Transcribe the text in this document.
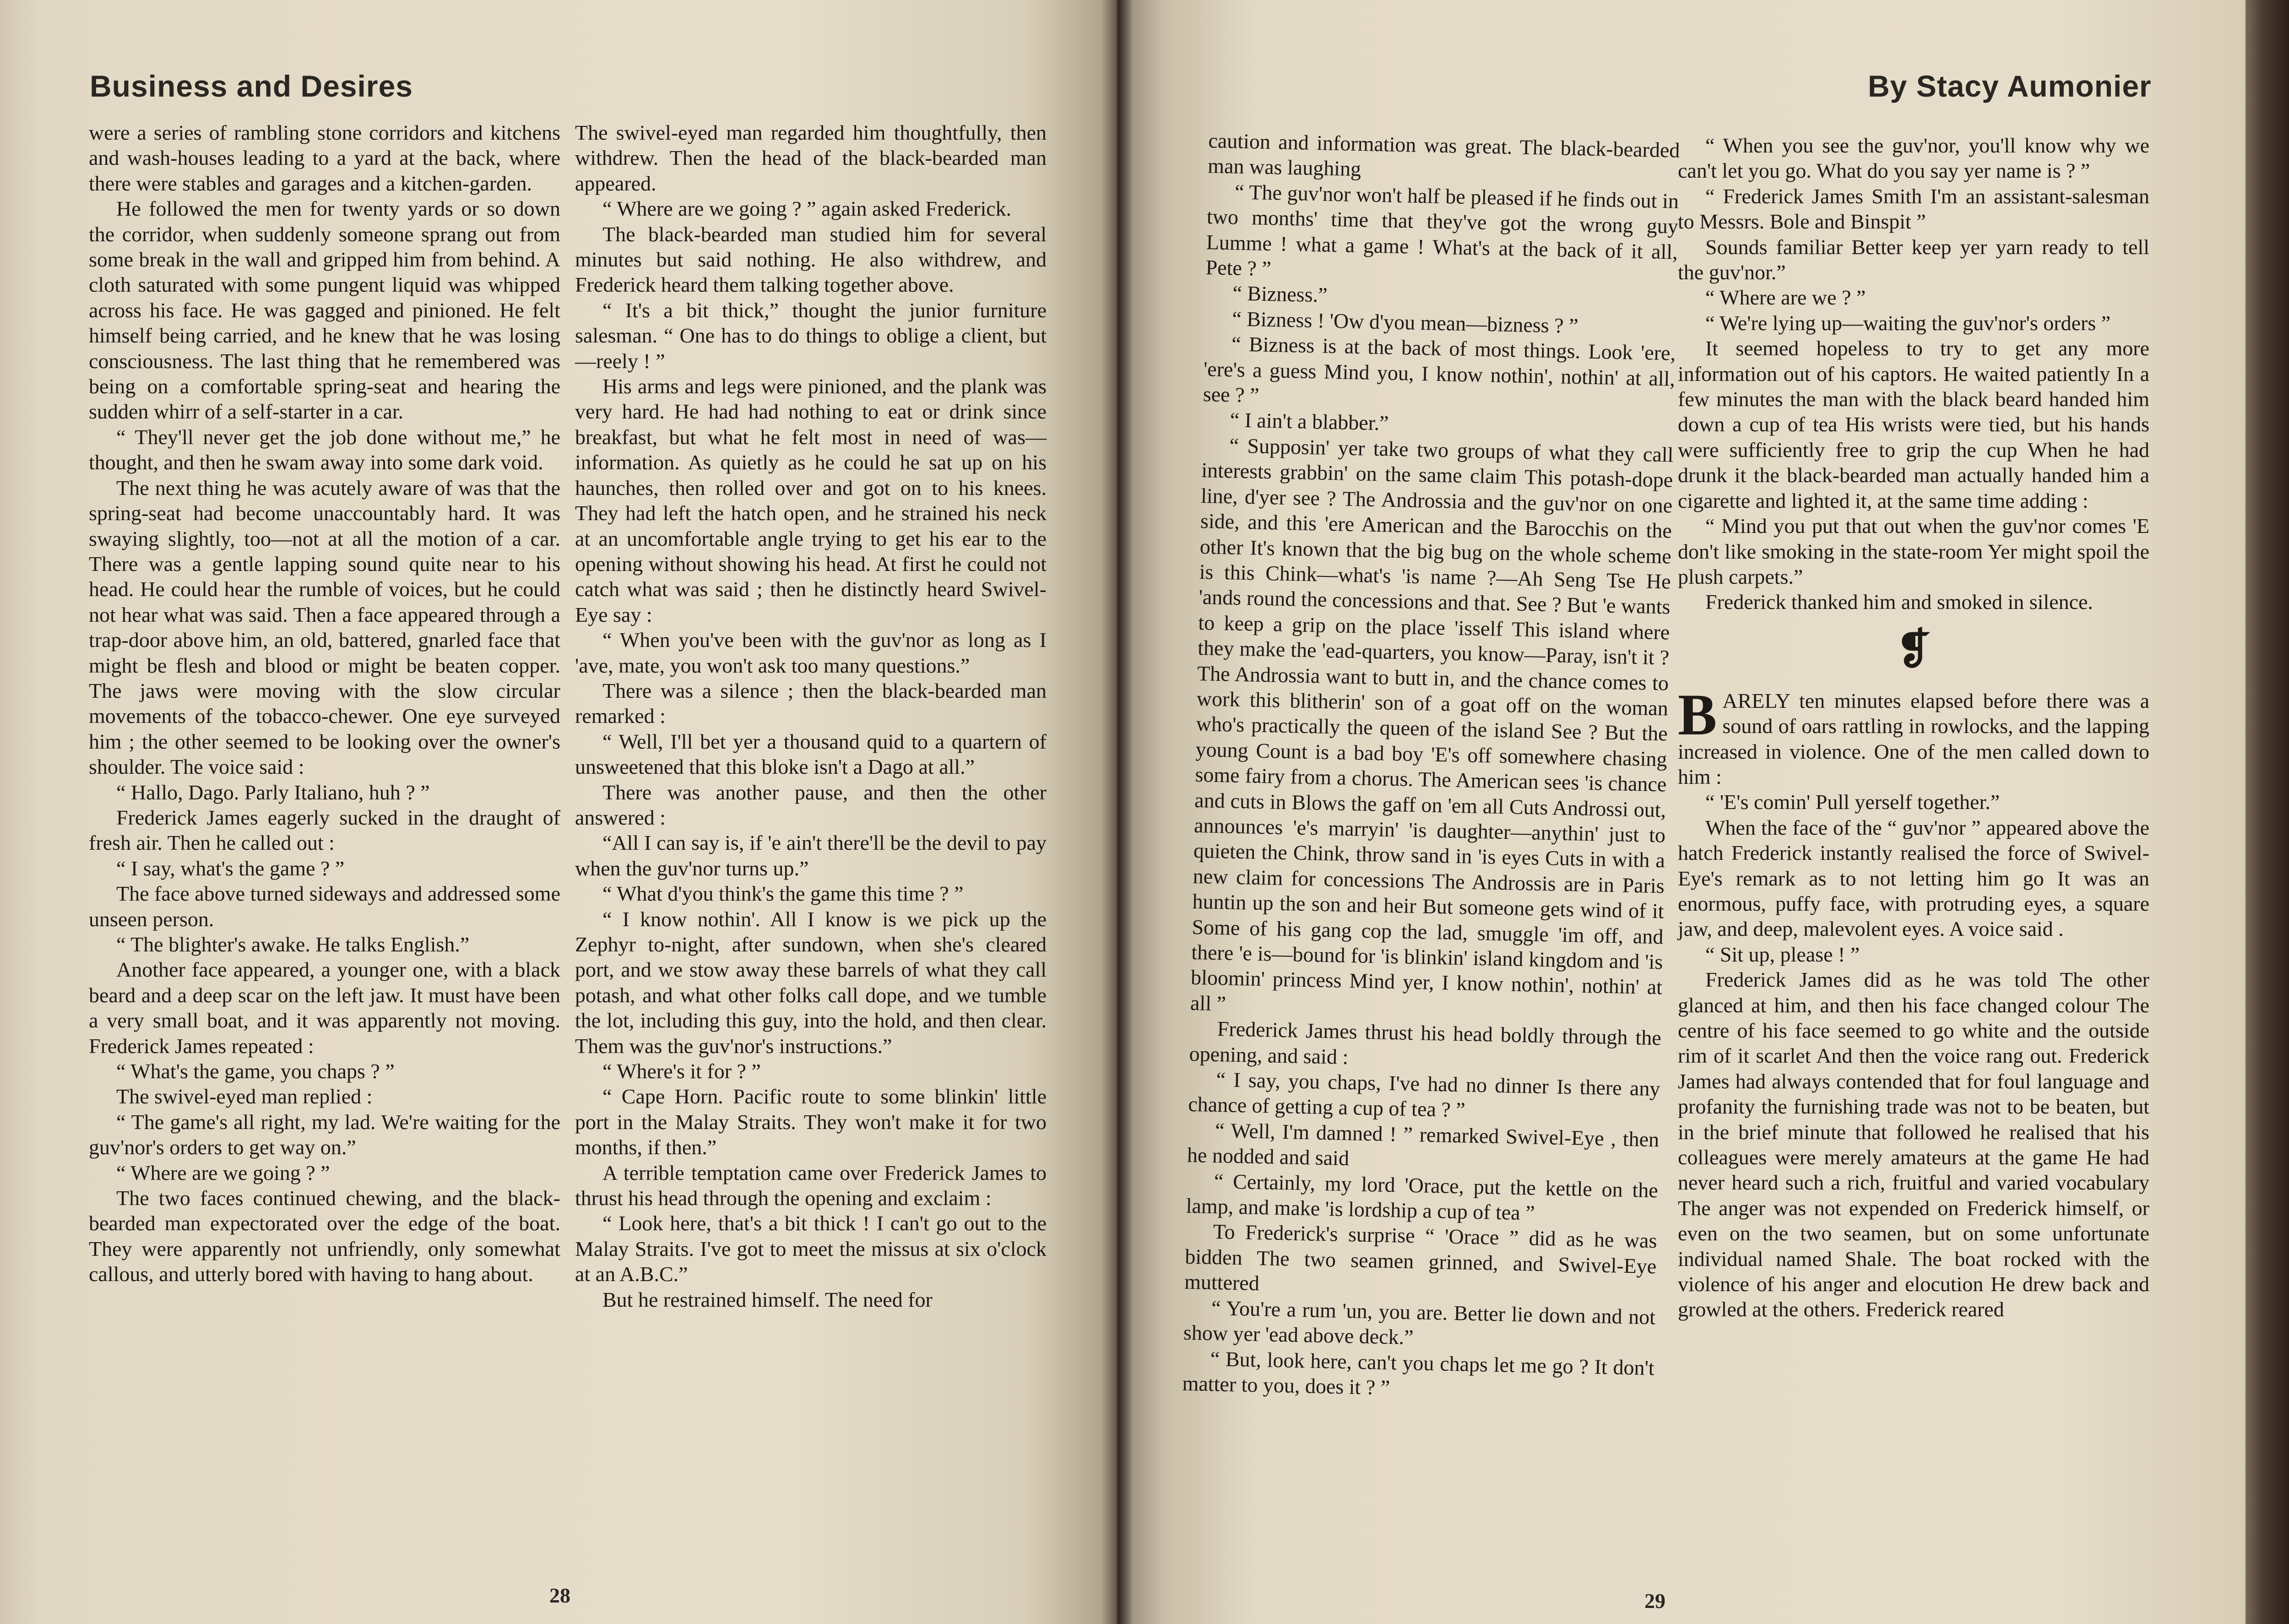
Business and Desires

were a series of rambling stone corridors and kitchens and wash-houses leading to a yard at the back, where there were stables and garages and a kitchen-garden.

He followed the men for twenty yards or so down the corridor, when suddenly someone sprang out from some break in the wall and gripped him from behind. A cloth saturated with some pungent liquid was whipped across his face. He was gagged and pinioned. He felt himself being carried, and he knew that he was losing consciousness. The last thing that he remembered was being on a comfortable spring-seat and hearing the sudden whirr of a self-starter in a car.

“ They'll never get the job done without me,” he thought, and then he swam away into some dark void.

The next thing he was acutely aware of was that the spring-seat had become unaccountably hard. It was swaying slightly, too—not at all the motion of a car. There was a gentle lapping sound quite near to his head. He could hear the rumble of voices, but he could not hear what was said. Then a face appeared through a trap-door above him, an old, battered, gnarled face that might be flesh and blood or might be beaten copper. The jaws were moving with the slow circular movements of the tobacco-chewer. One eye surveyed him ; the other seemed to be looking over the owner's shoulder. The voice said :

“ Hallo, Dago. Parly Italiano, huh ? ”

Frederick James eagerly sucked in the draught of fresh air. Then he called out :

“ I say, what's the game ? ”

The face above turned sideways and addressed some unseen person.

“ The blighter's awake. He talks English.”

Another face appeared, a younger one, with a black beard and a deep scar on the left jaw. It must have been a very small boat, and it was apparently not moving. Frederick James repeated :

“ What's the game, you chaps ? ”

The swivel-eyed man replied :

“ The game's all right, my lad. We're waiting for the guv'nor's orders to get way on.”

“ Where are we going ? ”

The two faces continued chewing, and the black-bearded man expectorated over the edge of the boat. They were apparently not unfriendly, only somewhat callous, and utterly bored with having to hang about.

The swivel-eyed man regarded him thoughtfully, then withdrew. Then the head of the black-bearded man appeared.

“ Where are we going ? ” again asked Frederick.

The black-bearded man studied him for several minutes but said nothing. He also withdrew, and Frederick heard them talking together above.

“ It's a bit thick,” thought the junior furniture salesman. “ One has to do things to oblige a client, but—reely ! ”

His arms and legs were pinioned, and the plank was very hard. He had had nothing to eat or drink since breakfast, but what he felt most in need of was—information. As quietly as he could he sat up on his haunches, then rolled over and got on to his knees. They had left the hatch open, and he strained his neck at an uncomfortable angle trying to get his ear to the opening without showing his head. At first he could not catch what was said ; then he distinctly heard Swivel-Eye say :

“ When you've been with the guv'nor as long as I 'ave, mate, you won't ask too many questions.”

There was a silence ; then the black-bearded man remarked :

“ Well, I'll bet yer a thousand quid to a quartern of unsweetened that this bloke isn't a Dago at all.”

There was another pause, and then the other answered :

“All I can say is, if 'e ain't there'll be the devil to pay when the guv'nor turns up.”

“ What d'you think's the game this time ? ”

“ I know nothin'. All I know is we pick up the Zephyr to-night, after sundown, when she's cleared port, and we stow away these barrels of what they call potash, and what other folks call dope, and we tumble the lot, including this guy, into the hold, and then clear. Them was the guv'nor's instructions.”

“ Where's it for ? ”

“ Cape Horn. Pacific route to some blinkin' little port in the Malay Straits. They won't make it for two months, if then.”

A terrible temptation came over Frederick James to thrust his head through the opening and exclaim :

“ Look here, that's a bit thick ! I can't go out to the Malay Straits. I've got to meet the missus at six o'clock at an A.B.C.”

But he restrained himself. The need for

28
By Stacy Aumonier

caution and information was great. The black-bearded man was laughing

“ The guv'nor won't half be pleased if he finds out in two months' time that they've got the wrong guy Lumme ! what a game ! What's at the back of it all, Pete ? ”

“ Bizness.”

“ Bizness ! 'Ow d'you mean—bizness ? ”

“ Bizness is at the back of most things. Look 'ere, 'ere's a guess Mind you, I know nothin', nothin' at all, see ? ”

“ I ain't a blabber.”

“ Supposin' yer take two groups of what they call interests grabbin' on the same claim This potash-dope line, d'yer see ? The Androssia and the guv'nor on one side, and this 'ere American and the Barocchis on the other It's known that the big bug on the whole scheme is this Chink—what's 'is name ?—Ah Seng Tse He 'ands round the concessions and that. See ? But 'e wants to keep a grip on the place 'isself This island where they make the 'ead-quarters, you know—Paray, isn't it ? The Androssia want to butt in, and the chance comes to work this blitherin' son of a goat off on the woman who's practically the queen of the island See ? But the young Count is a bad boy 'E's off somewhere chasing some fairy from a chorus. The American sees 'is chance and cuts in Blows the gaff on 'em all Cuts Androssi out, announces 'e's marryin' 'is daughter—anythin' just to quieten the Chink, throw sand in 'is eyes Cuts in with a new claim for concessions The Androssis are in Paris huntin up the son and heir But someone gets wind of it Some of his gang cop the lad, smuggle 'im off, and there 'e is—bound for 'is blinkin' island kingdom and 'is bloomin' princess Mind yer, I know nothin', nothin' at all ”

Frederick James thrust his head boldly through the opening, and said :

“ I say, you chaps, I've had no dinner Is there any chance of getting a cup of tea ? ”

“ Well, I'm damned ! ” remarked Swivel-Eye , then he nodded and said

“ Certainly, my lord 'Orace, put the kettle on the lamp, and make 'is lordship a cup of tea ”

To Frederick's surprise “ 'Orace ” did as he was bidden The two seamen grinned, and Swivel-Eye muttered

“ You're a rum 'un, you are. Better lie down and not show yer 'ead above deck.”

“ But, look here, can't you chaps let me go ? It don't matter to you, does it ? ”

“ When you see the guv'nor, you'll know why we can't let you go. What do you say yer name is ? ”

“ Frederick James Smith I'm an assistant-salesman to Messrs. Bole and Binspit ”

Sounds familiar Better keep yer yarn ready to tell the guv'nor.”

“ Where are we ? ”

“ We're lying up—waiting the guv'nor's orders ”

It seemed hopeless to try to get any more information out of his captors. He waited patiently In a few minutes the man with the black beard handed him down a cup of tea His wrists were tied, but his hands were sufficiently free to grip the cup When he had drunk it the black-bearded man actually handed him a cigarette and lighted it, at the same time adding :

“ Mind you put that out when the guv'nor comes 'E don't like smoking in the state-room Yer might spoil the plush carpets.”

Frederick thanked him and smoked in silence.

❡

BARELY ten minutes elapsed before there was a sound of oars rattling in rowlocks, and the lapping increased in violence. One of the men called down to him :

“ 'E's comin' Pull yerself together.”

When the face of the “ guv'nor ” appeared above the hatch Frederick instantly realised the force of Swivel-Eye's remark as to not letting him go It was an enormous, puffy face, with protruding eyes, a square jaw, and deep, malevolent eyes. A voice said .

“ Sit up, please ! ”

Frederick James did as he was told The other glanced at him, and then his face changed colour The centre of his face seemed to go white and the outside rim of it scarlet And then the voice rang out. Frederick James had always contended that for foul language and profanity the furnishing trade was not to be beaten, but in the brief minute that followed he realised that his colleagues were merely amateurs at the game He had never heard such a rich, fruitful and varied vocabulary The anger was not expended on Frederick himself, or even on the two seamen, but on some unfortunate individual named Shale. The boat rocked with the violence of his anger and elocution He drew back and growled at the others. Frederick reared

29
